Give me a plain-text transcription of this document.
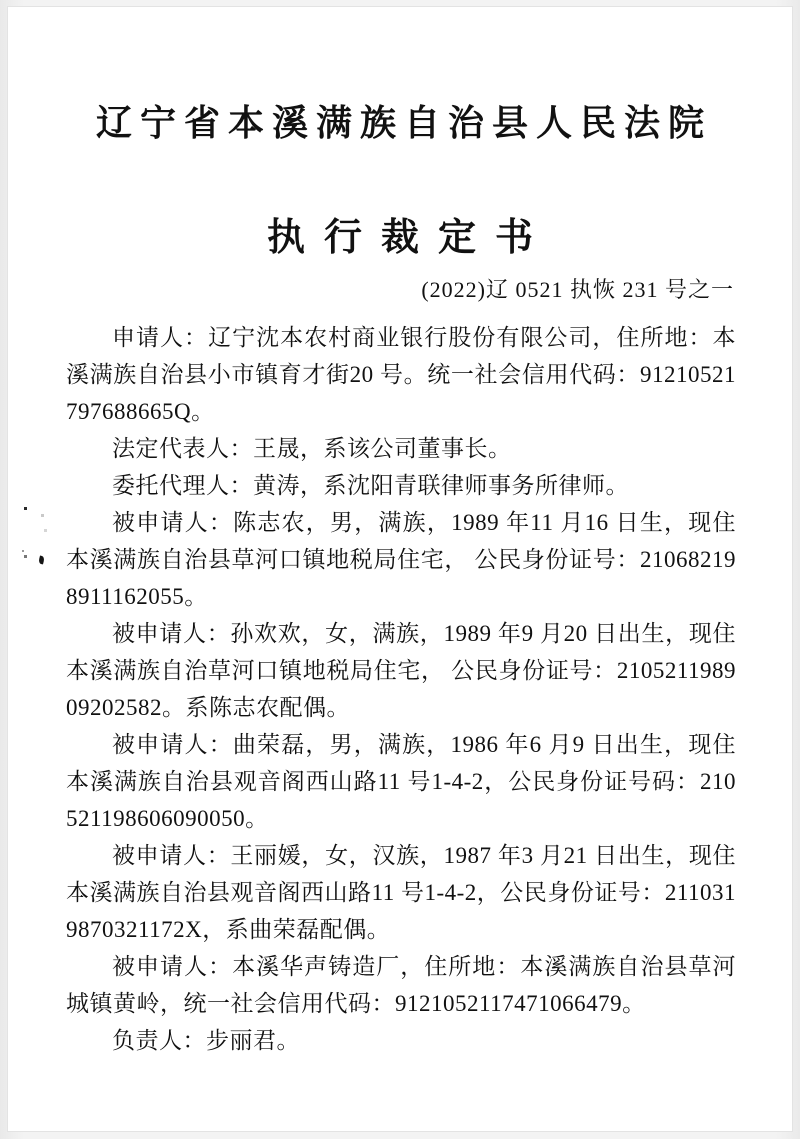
辽宁省本溪满族自治县人民法院
执行裁定书
(2022)辽 0521 执恢 231 号之一

申请人：辽宁沈本农村商业银行股份有限公司，住所地：本溪满族自治县小市镇育才街20 号。统一社会信用代码：91210521797688665Q。

法定代表人：王晟，系该公司董事长。

委托代理人：黄涛，系沈阳青联律师事务所律师。

被申请人：陈志农，男，满族，1989 年11 月16 日生，现住本溪满族自治县草河口镇地税局住宅， 公民身份证号：210682198911162055。

被申请人：孙欢欢，女，满族，1989 年9 月20 日出生，现住本溪满族自治草河口镇地税局住宅， 公民身份证号：210521198909202582。系陈志农配偶。

被申请人：曲荣磊，男，满族，1986 年6 月9 日出生，现住本溪满族自治县观音阁西山路11 号1-4-2，公民身份证号码：210521198606090050。

被申请人：王丽媛，女，汉族，1987 年3 月21 日出生，现住本溪满族自治县观音阁西山路11 号1-4-2，公民身份证号：2110319870321172X，系曲荣磊配偶。

被申请人：本溪华声铸造厂，住所地：本溪满族自治县草河城镇黄岭，统一社会信用代码：9121052117471066479。

负责人：步丽君。
